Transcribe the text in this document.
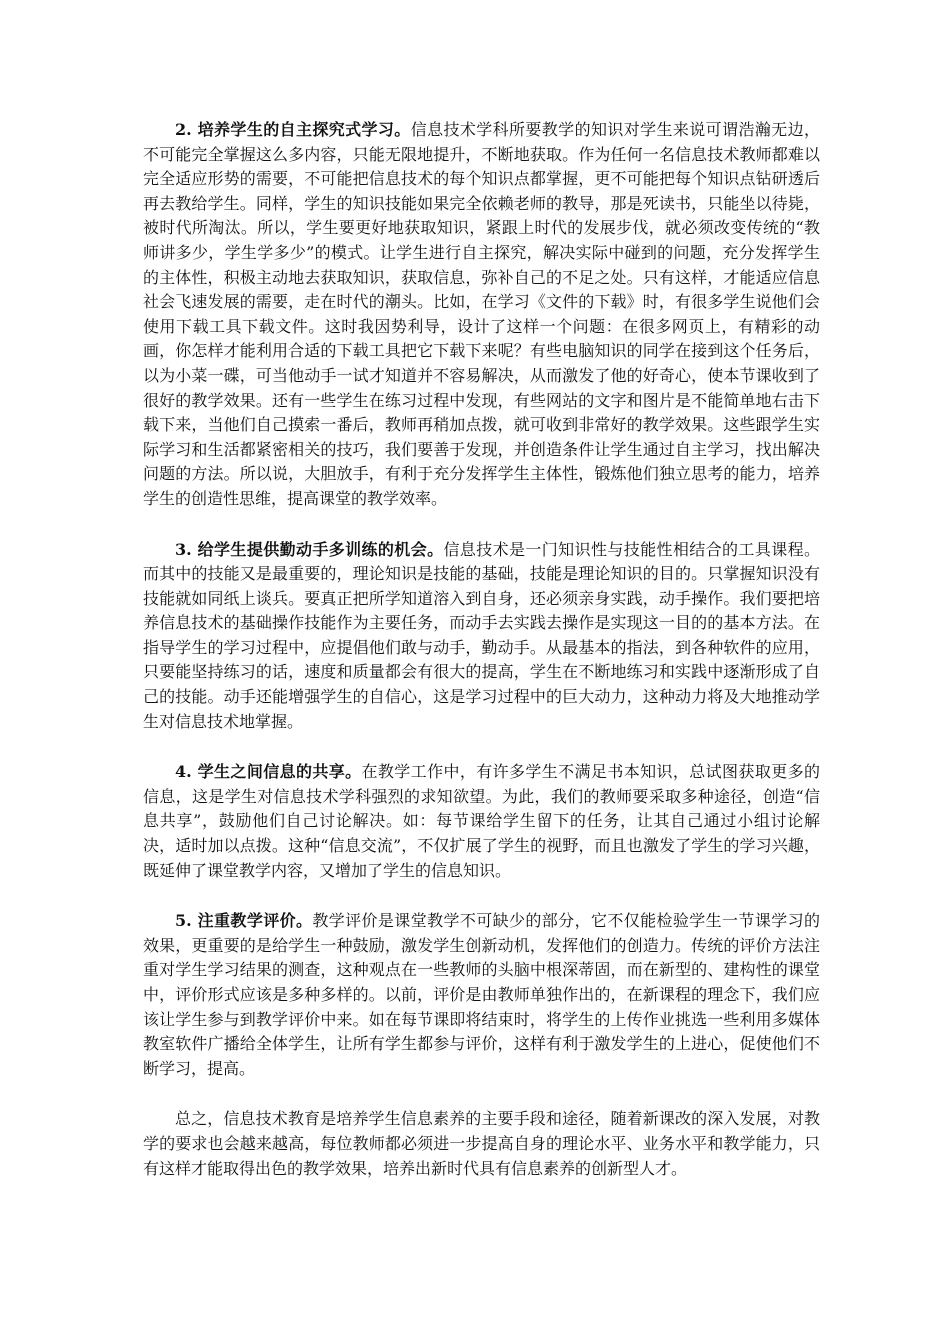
2. 培养学生的自主探究式学习。信息技术学科所要教学的知识对学生来说可谓浩瀚无边，不可能完全掌握这么多内容，只能无限地提升，不断地获取。作为任何一名信息技术教师都难以完全适应形势的需要，不可能把信息技术的每个知识点都掌握，更不可能把每个知识点钻研透后再去教给学生。同样，学生的知识技能如果完全依赖老师的教导，那是死读书，只能坐以待毙，被时代所淘汰。所以，学生要更好地获取知识，紧跟上时代的发展步伐，就必须改变传统的“教师讲多少，学生学多少”的模式。让学生进行自主探究，解决实际中碰到的问题，充分发挥学生的主体性，积极主动地去获取知识，获取信息，弥补自己的不足之处。只有这样，才能适应信息社会飞速发展的需要，走在时代的潮头。比如，在学习《文件的下载》时，有很多学生说他们会使用下载工具下载文件。这时我因势利导，设计了这样一个问题：在很多网页上，有精彩的动画，你怎样才能利用合适的下载工具把它下载下来呢？有些电脑知识的同学在接到这个任务后，以为小菜一碟，可当他动手一试才知道并不容易解决，从而激发了他的好奇心，使本节课收到了很好的教学效果。还有一些学生在练习过程中发现，有些网站的文字和图片是不能简单地右击下载下来，当他们自己摸索一番后，教师再稍加点拨，就可收到非常好的教学效果。这些跟学生实际学习和生活都紧密相关的技巧，我们要善于发现，并创造条件让学生通过自主学习，找出解决问题的方法。所以说，大胆放手，有利于充分发挥学生主体性，锻炼他们独立思考的能力，培养学生的创造性思维，提高课堂的教学效率。

3. 给学生提供勤动手多训练的机会。信息技术是一门知识性与技能性相结合的工具课程。而其中的技能又是最重要的，理论知识是技能的基础，技能是理论知识的目的。只掌握知识没有技能就如同纸上谈兵。要真正把所学知道溶入到自身，还必须亲身实践，动手操作。我们要把培养信息技术的基础操作技能作为主要任务，而动手去实践去操作是实现这一目的的基本方法。在指导学生的学习过程中，应提倡他们敢与动手，勤动手。从最基本的指法，到各种软件的应用，只要能坚持练习的话，速度和质量都会有很大的提高，学生在不断地练习和实践中逐渐形成了自己的技能。动手还能增强学生的自信心，这是学习过程中的巨大动力，这种动力将及大地推动学生对信息技术地掌握。

4. 学生之间信息的共享。在教学工作中，有许多学生不满足书本知识，总试图获取更多的信息，这是学生对信息技术学科强烈的求知欲望。为此，我们的教师要采取多种途径，创造“信息共享”，鼓励他们自己讨论解决。如：每节课给学生留下的任务，让其自己通过小组讨论解决，适时加以点拨。这种“信息交流”，不仅扩展了学生的视野，而且也激发了学生的学习兴趣，既延伸了课堂教学内容，又增加了学生的信息知识。

5. 注重教学评价。教学评价是课堂教学不可缺少的部分，它不仅能检验学生一节课学习的效果，更重要的是给学生一种鼓励，激发学生创新动机，发挥他们的创造力。传统的评价方法注重对学生学习结果的测查，这种观点在一些教师的头脑中根深蒂固，而在新型的、建构性的课堂中，评价形式应该是多种多样的。以前，评价是由教师单独作出的，在新课程的理念下，我们应该让学生参与到教学评价中来。如在每节课即将结束时，将学生的上传作业挑选一些利用多媒体教室软件广播给全体学生，让所有学生都参与评价，这样有利于激发学生的上进心，促使他们不断学习，提高。

总之，信息技术教育是培养学生信息素养的主要手段和途径，随着新课改的深入发展，对教学的要求也会越来越高，每位教师都必须进一步提高自身的理论水平、业务水平和教学能力，只有这样才能取得出色的教学效果，培养出新时代具有信息素养的创新型人才。
